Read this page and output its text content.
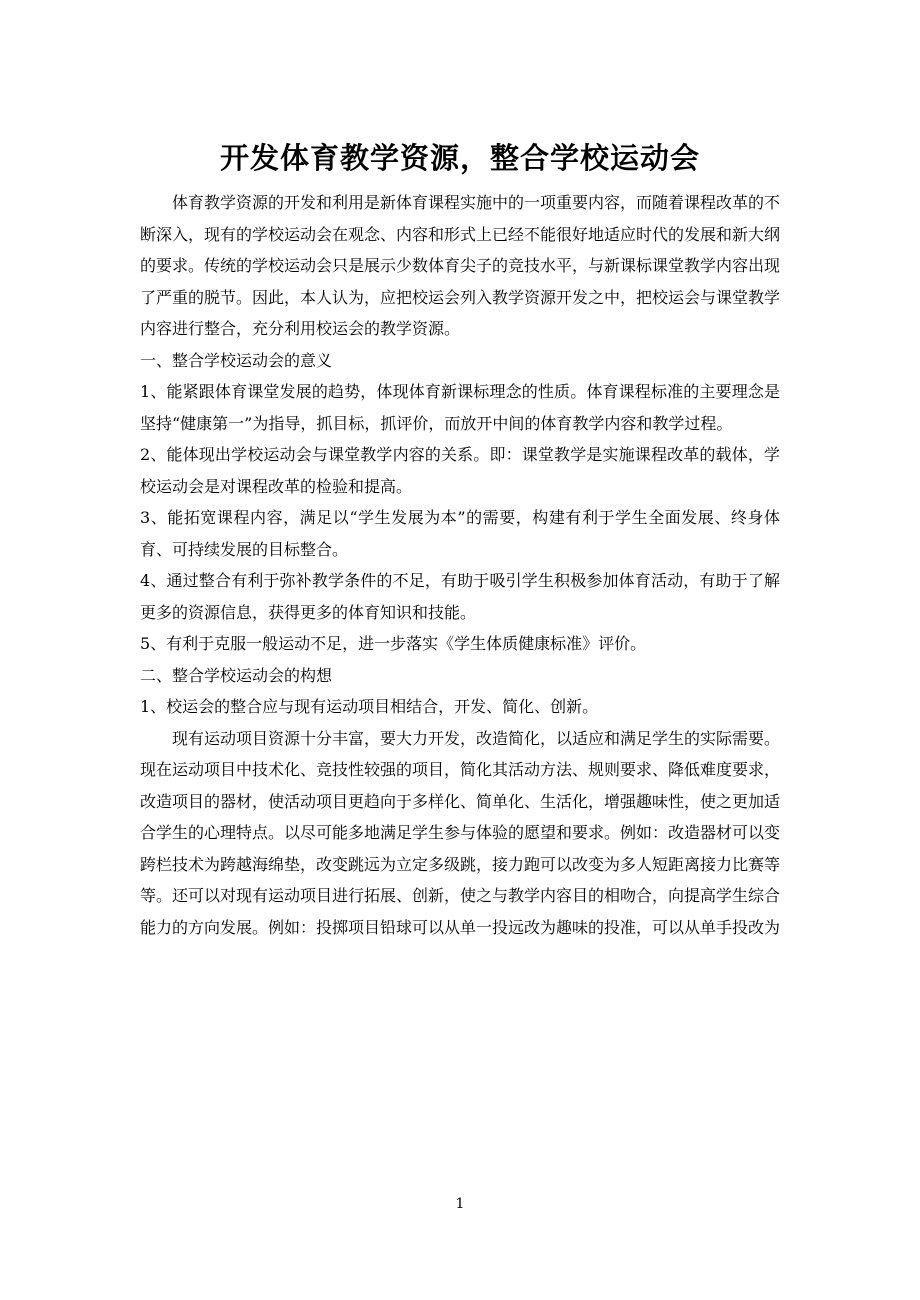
开发体育教学资源，整合学校运动会

体育教学资源的开发和利用是新体育课程实施中的一项重要内容，而随着课程改革的不断深入，现有的学校运动会在观念、内容和形式上已经不能很好地适应时代的发展和新大纲的要求。传统的学校运动会只是展示少数体育尖子的竞技水平，与新课标课堂教学内容出现了严重的脱节。因此，本人认为，应把校运会列入教学资源开发之中，把校运会与课堂教学内容进行整合，充分利用校运会的教学资源。

一、整合学校运动会的意义

1、能紧跟体育课堂发展的趋势，体现体育新课标理念的性质。体育课程标准的主要理念是坚持“健康第一”为指导，抓目标，抓评价，而放开中间的体育教学内容和教学过程。

2、能体现出学校运动会与课堂教学内容的关系。即：课堂教学是实施课程改革的载体，学校运动会是对课程改革的检验和提高。

3、能拓宽课程内容，满足以“学生发展为本”的需要，构建有利于学生全面发展、终身体育、可持续发展的目标整合。

4、通过整合有利于弥补教学条件的不足，有助于吸引学生积极参加体育活动，有助于了解更多的资源信息，获得更多的体育知识和技能。

5、有利于克服一般运动不足，进一步落实《学生体质健康标准》评价。

二、整合学校运动会的构想

1、校运会的整合应与现有运动项目相结合，开发、简化、创新。

现有运动项目资源十分丰富，要大力开发，改造简化，以适应和满足学生的实际需要。现在运动项目中技术化、竞技性较强的项目，简化其活动方法、规则要求、降低难度要求，改造项目的器材，使活动项目更趋向于多样化、简单化、生活化，增强趣味性，使之更加适合学生的心理特点。以尽可能多地满足学生参与体验的愿望和要求。例如：改造器材可以变跨栏技术为跨越海绵垫，改变跳远为立定多级跳，接力跑可以改变为多人短距离接力比赛等等。还可以对现有运动项目进行拓展、创新，使之与教学内容目的相吻合，向提高学生综合能力的方向发展。例如：投掷项目铅球可以从单一投远改为趣味的投准，可以从单手投改为

1
